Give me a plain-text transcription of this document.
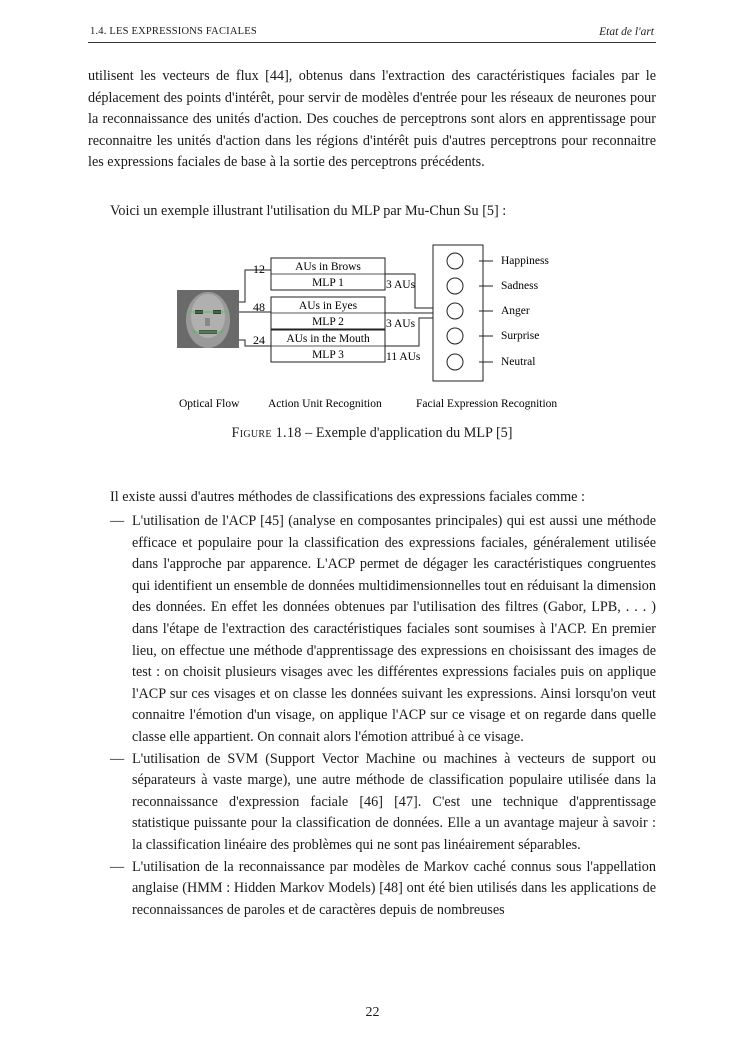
1.4. LES EXPRESSIONS FACIALES	Etat de l'art

utilisent les vecteurs de flux [44], obtenus dans l'extraction des caractéristiques faciales par le déplacement des points d'intérêt, pour servir de modèles d'entrée pour les réseaux de neurones pour la reconnaissance des unités d'action. Des couches de perceptrons sont alors en apprentissage pour reconnaitre les unités d'action dans les régions d'intérêt puis d'autres perceptrons pour reconnaitre les expressions faciales de base à la sortie des perceptrons précédents.

Voici un exemple illustrant l'utilisation du MLP par Mu-Chun Su [5] :

12
48
24
AUs in Brows
MLP 1
AUs in Eyes
MLP 2
AUs in the Mouth
MLP 3
3 AUs
3 AUs
11 AUs
Happiness
Sadness
Anger
Surprise
Neutral
Optical Flow Action Unit Recognition	Facial Expression Recognition
Figure 1.18 – Exemple d'application du MLP [5]
Il existe aussi d'autres méthodes de classifications des expressions faciales comme :
— L'utilisation de l'ACP [45] (analyse en composantes principales) qui est aussi une méthode efficace et populaire pour la classification des expressions faciales, généralement utilisée dans l'approche par apparence. L'ACP permet de dégager les caractéristiques congruentes qui identifient un ensemble de données multidimensionnelles tout en réduisant la dimension des données. En effet les données obtenues par l'utilisation des filtres (Gabor, LPB, . . . ) dans l'étape de l'extraction des caractéristiques faciales sont soumises à l'ACP. En premier lieu, on effectue une méthode d'apprentissage des expressions en choisissant des images de test : on choisit plusieurs visages avec les différentes expressions faciales puis on applique l'ACP sur ces visages et on classe les données suivant les expressions. Ainsi lorsqu'on veut connaitre l'émotion d'un visage, on applique l'ACP sur ce visage et on regarde dans quelle classe elle appartient. On connait alors l'émotion attribué à ce visage.
— L'utilisation de SVM (Support Vector Machine ou machines à vecteurs de support ou séparateurs à vaste marge), une autre méthode de classification populaire utilisée dans la reconnaissance d'expression faciale [46] [47]. C'est une technique d'apprentissage statistique puissante pour la classification de données. Elle a un avantage majeur à savoir : la classification linéaire des problèmes qui ne sont pas linéairement séparables.
— L'utilisation de la reconnaissance par modèles de Markov caché connus sous l'appellation anglaise (HMM : Hidden Markov Models) [48] ont été bien utilisés dans les applications de reconnaissances de paroles et de caractères depuis de nombreuses
22
